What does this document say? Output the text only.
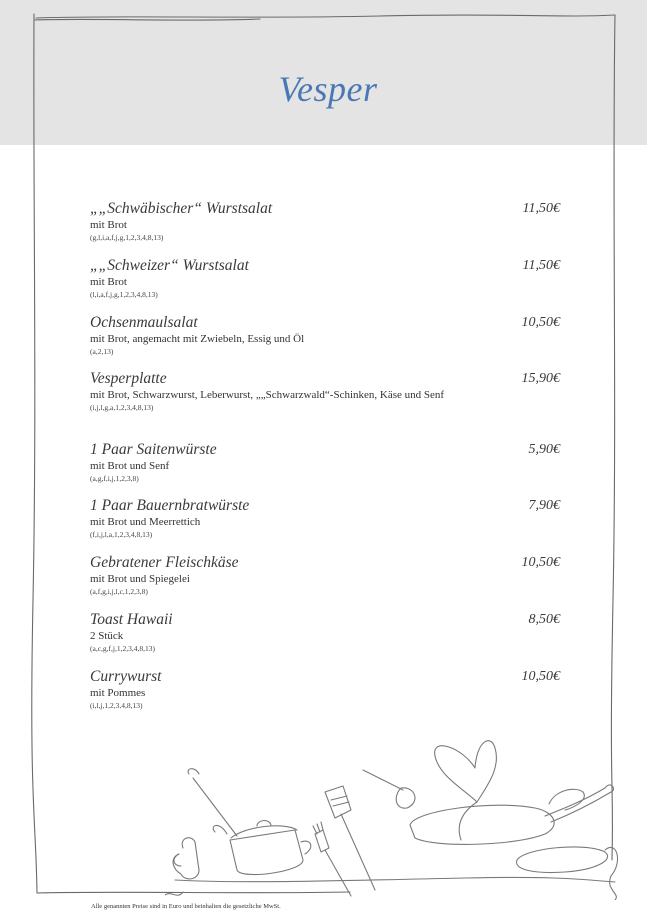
Vesper
„„Schwäbischer“ Wurstsalat	11,50€
mit Brot
(g,l,i,a,f,j,g,1,2,3,4,8,13)
„„Schweizer“ Wurstsalat	11,50€
mit Brot
(l,i,a,f,j,g,1,2,3,4,8,13)
Ochsenmaulsalat	10,50€
mit Brot, angemacht mit Zwiebeln, Essig und Öl
(a,2,13)
Vesperplatte	15,90€
mit Brot, Schwarzwurst, Leberwurst, „„Schwarzwald“-Schinken, Käse und Senf
(i,j,l,g,a,1,2,3,4,8,13)
1 Paar Saitenwürste	5,90€
mit Brot und Senf
(a,g,f,i,j,1,2,3,8)
1 Paar Bauernbratwürste	7,90€
mit Brot und Meerrettich
(f,i,j,l,a,1,2,3,4,8,13)
Gebratener Fleischkäse	10,50€
mit Brot und Spiegelei
(a,f,g,i,j,l,c,1,2,3,8)
Toast Hawaii	8,50€
2 Stück
(a,c,g,f,j,1,2,3,4,8,13)
Currywurst	10,50€
mit Pommes
(i,l,j,1,2,3,4,8,13)
Alle genannten Preise sind in Euro und beinhalten die gesetzliche MwSt.
